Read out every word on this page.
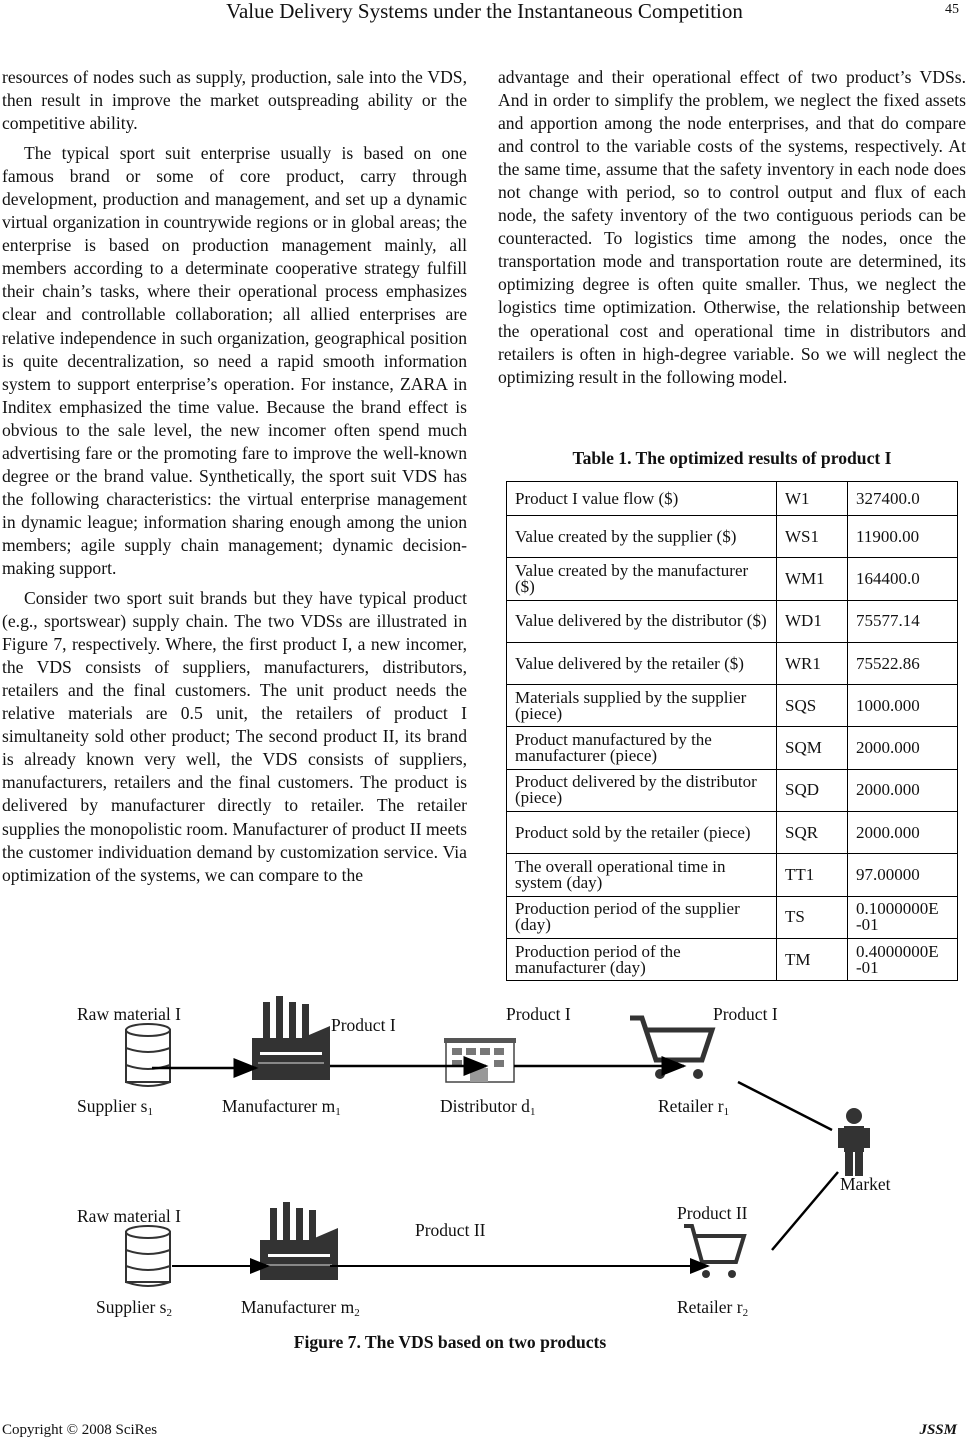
Value Delivery Systems under the Instantaneous Competition	45

resources of nodes such as supply, production, sale into the VDS, then result in improve the market outspreading ability or the competitive ability.

The typical sport suit enterprise usually is based on one famous brand or some of core product, carry through development, production and management, and set up a dynamic virtual organization in countrywide regions or in global areas; the enterprise is based on production management mainly, all members according to a determinate cooperative strategy fulfill their chain’s tasks, where their operational process emphasizes clear and controllable collaboration; all allied enterprises are relative independence in such organization, geographical position is quite decentralization, so need a rapid smooth information system to support enterprise’s operation. For instance, ZARA in Inditex emphasized the time value. Because the brand effect is obvious to the sale level, the new incomer often spend much advertising fare or the promoting fare to improve the well-known degree or the brand value. Synthetically, the sport suit VDS has the following characteristics: the virtual enterprise management in dynamic league; information sharing enough among the union members; agile supply chain management; dynamic decision-making support.

Consider two sport suit brands but they have typical product (e.g., sportswear) supply chain. The two VDSs are illustrated in Figure 7, respectively. Where, the first product I, a new incomer, the VDS consists of suppliers, manufacturers, distributors, retailers and the final customers. The unit product needs the relative materials are 0.5 unit, the retailers of product I simultaneity sold other product; The second product II, its brand is already known very well, the VDS consists of suppliers, manufacturers, retailers and the final customers. The product is delivered by manufacturer directly to retailer. The retailer supplies the monopolistic room. Manufacturer of product II meets the customer individuation demand by customization service. Via optimization of the systems, we can compare to the

advantage and their operational effect of two product’s VDSs. And in order to simplify the problem, we neglect the fixed assets and apportion among the node enterprises, and that do compare and control to the variable costs of the systems, respectively. At the same time, assume that the safety inventory in each node does not change with period, so to control output and flux of each node, the safety inventory of the two contiguous periods can be counteracted. To logistics time among the nodes, once the transportation mode and transportation route are determined, its optimizing degree is often quite smaller. Thus, we neglect the logistics time optimization. Otherwise, the relationship between the operational cost and operational time in distributors and retailers is often in high-degree variable. So we will neglect the optimizing result in the following model.

Table 1. The optimized results of product I
Product I value flow ($)	W1	327400.0
Value created by the supplier ($)	WS1	11900.00
Value created by the manufacturer ($)	WM1	164400.0
Value delivered by the distributor ($)	WD1	75577.14
Value delivered by the retailer ($)	WR1	75522.86
Materials supplied by the supplier (piece)	SQS	1000.000
Product manufactured by the manufacturer (piece)	SQM	2000.000
Product delivered by the distributor (piece)	SQD	2000.000
Product sold by the retailer (piece)	SQR	2000.000
The overall operational time in system (day)	TT1	97.00000
Production period of the supplier (day)	TS	0.1000000E -01
Production period of the manufacturer (day)	TM	0.4000000E -01
Raw material I
Product I
Product I	Product I
Supplier s1	Manufacturer m1	Distributor d1	Retailer r1
Market
Raw material I
Product II
Product II
Supplier s2	Manufacturer m2	Retailer r2
Figure 7. The VDS based on two products
Copyright © 2008 SciRes	JSSM
